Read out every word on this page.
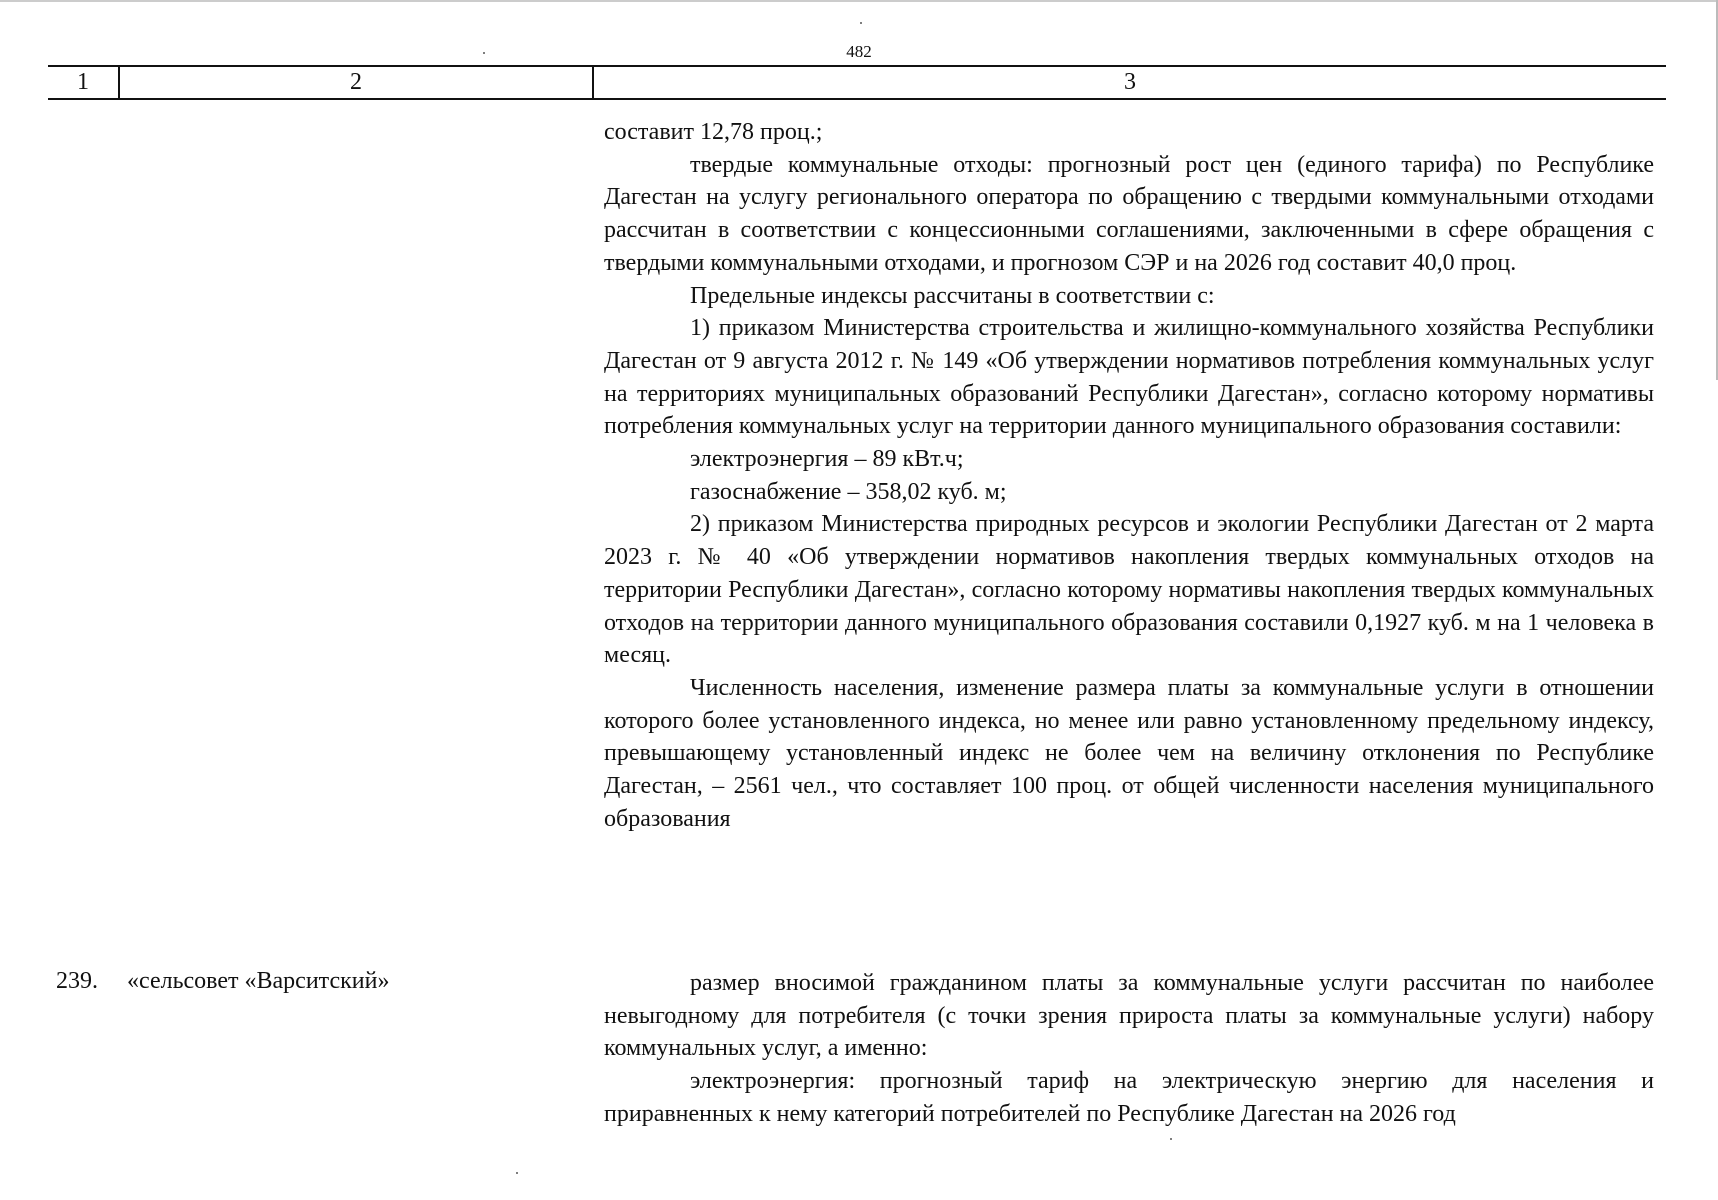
482
1	2	3

составит 12,78 проц.;

твердые коммунальные отходы: прогнозный рост цен (единого тарифа) по Республике Дагестан на услугу регионального оператора по обращению с твердыми коммунальными отходами рассчитан в соответствии с концессионными соглашениями, заключенными в сфере обращения с твердыми коммунальными отходами, и прогнозом СЭР и на 2026 год составит 40,0 проц.

Предельные индексы рассчитаны в соответствии с:

1) приказом Министерства строительства и жилищно-коммунального хозяйства Республики Дагестан от 9 августа 2012 г. № 149 «Об утверждении нормативов потребления коммунальных услуг на территориях муниципальных образований Республики Дагестан», согласно которому нормативы потребления коммунальных услуг на территории данного муниципального образования составили:

электроэнергия – 89 кВт.ч;

газоснабжение – 358,02 куб. м;

2) приказом Министерства природных ресурсов и экологии Республики Дагестан от 2 марта 2023 г. № 40 «Об утверждении нормативов накопления твердых коммунальных отходов на территории Республики Дагестан», согласно которому нормативы накопления твердых коммунальных отходов на территории данного муниципального образования составили 0,1927 куб. м на 1 человека в месяц.

Численность населения, изменение размера платы за коммунальные услуги в отношении которого более установленного индекса, но менее или равно установленному предельному индексу, превышающему установленный индекс не более чем на величину отклонения по Республике Дагестан, – 2561 чел., что составляет 100 проц. от общей численности населения муниципального образования

239. «сельсовет «Варситский»	размер вносимой гражданином платы за коммунальные услуги рассчитан по наиболее невыгодному для потребителя (с точки зрения прироста платы за коммунальные услуги) набору коммунальных услуг, а именно:

электроэнергия: прогнозный тариф на электрическую энергию для населения и приравненных к нему категорий потребителей по Республике Дагестан на 2026 год
